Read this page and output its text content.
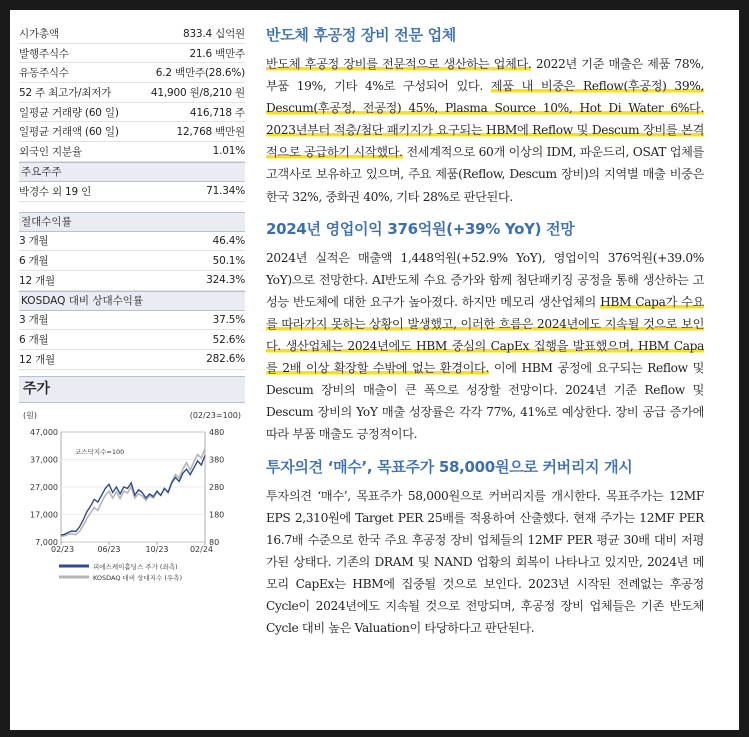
시가총액	833.4 십억원
발행주식수	21.6 백만주
유동주식수	6.2 백만주(28.6%)
52 주 최고가/최저가	41,900 원/8,210 원
일평균 거래량 (60 일)	416,718 주
일평균 거래액 (60 일)	12,768 백만원
외국인 지분율	1.01%
주요주주
박경수 외 19 인	71.34%
절대수익률
3 개월	46.4%
6 개월	50.1%
12 개월	324.3%
KOSDAQ 대비 상대수익률
3 개월	37.5%
6 개월	52.6%
12 개월	282.6%
주가
(원)	(02/23=100)
코스닥지수=100
47,000
37,000
27,000
17,000
7,000
480
380
280
180
80
02/23	06/23	10/23	02/24
피에스케이홀딩스 주가 (좌측)
KOSDAQ 대비 상대지수 (우측)
반도체 후공정 장비 전문 업체

반도체 후공정 장비를 전문적으로 생산하는 업체다. 2022년 기준 매출은 제품 78%, 부품 19%, 기타 4%로 구성되어 있다. 제품 내 비중은 Reflow(후공정) 39%, Descum(후공정, 전공정) 45%, Plasma Source 10%, Hot Di Water 6%다. 2023년부터 적층/첨단 패키지가 요구되는 HBM에 Reflow 및 Descum 장비를 본격적으로 공급하기 시작했다. 전세계적으로 60개 이상의 IDM, 파운드리, OSAT 업체를 고객사로 보유하고 있으며, 주요 제품(Reflow, Descum 장비)의 지역별 매출 비중은 한국 32%, 중화권 40%, 기타 28%로 판단된다.

2024년 영업이익 376억원(+39% YoY) 전망

2024년 실적은 매출액 1,448억원(+52.9% YoY), 영업이익 376억원(+39.0% YoY)으로 전망한다. AI반도체 수요 증가와 함께 첨단패키징 공정을 통해 생산하는 고성능 반도체에 대한 요구가 높아졌다. 하지만 메모리 생산업체의 HBM Capa가 수요를 따라가지 못하는 상황이 발생했고, 이러한 흐름은 2024년에도 지속될 것으로 보인다. 생산업체는 2024년에도 HBM 중심의 CapEx 집행을 발표했으며, HBM Capa를 2배 이상 확장할 수밖에 없는 환경이다. 이에 HBM 공정에 요구되는 Reflow 및 Descum 장비의 매출이 큰 폭으로 성장할 전망이다. 2024년 기준 Reflow 및 Descum 장비의 YoY 매출 성장률은 각각 77%, 41%로 예상한다. 장비 공급 증가에 따라 부품 매출도 긍정적이다.

투자의견 ‘매수’, 목표주가 58,000원으로 커버리지 개시

투자의견 ‘매수’, 목표주가 58,000원으로 커버리지를 개시한다. 목표주가는 12MF EPS 2,310원에 Target PER 25배를 적용하여 산출했다. 현재 주가는 12MF PER 16.7배 수준으로 한국 주요 후공정 장비 업체들의 12MF PER 평균 30배 대비 저평가된 상태다. 기존의 DRAM 및 NAND 업황의 회복이 나타나고 있지만, 2024년 메모리 CapEx는 HBM에 집중될 것으로 보인다. 2023년 시작된 전례없는 후공정 Cycle이 2024년에도 지속될 것으로 전망되며, 후공정 장비 업체들은 기존 반도체 Cycle 대비 높은 Valuation이 타당하다고 판단된다.
